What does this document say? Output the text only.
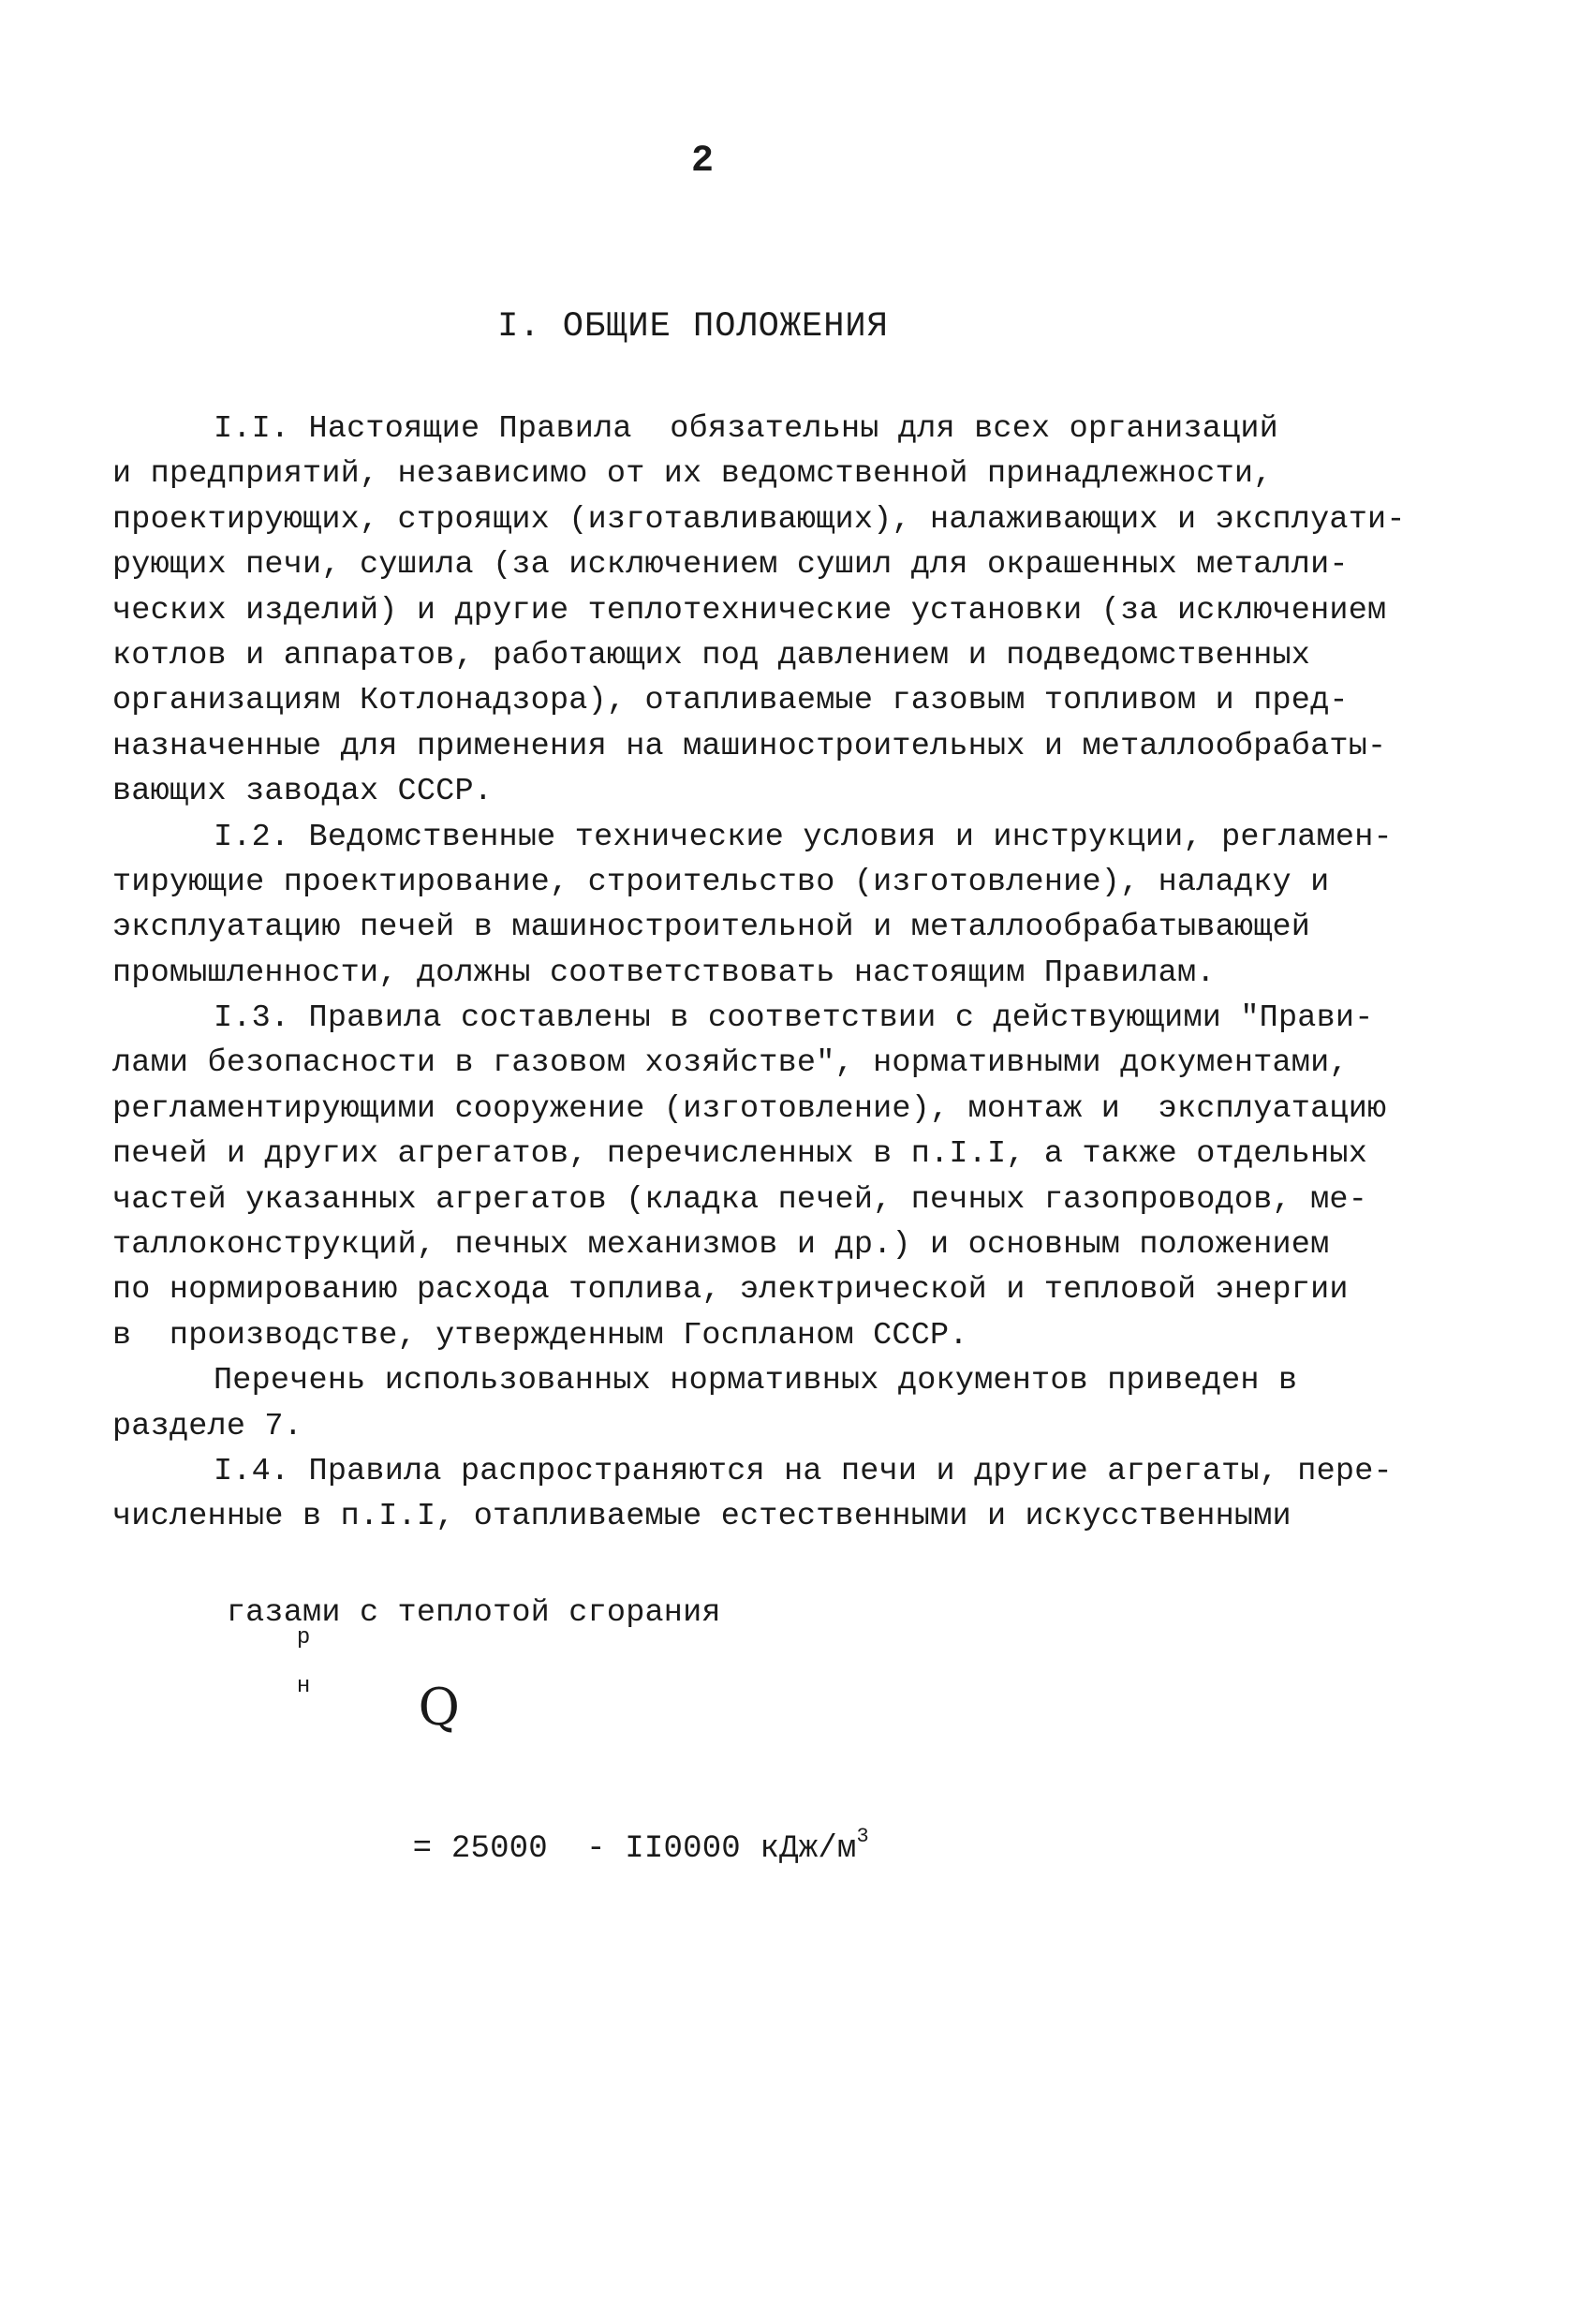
2
I. ОБЩИЕ ПОЛОЖЕНИЯ
I.I. Настоящие Правила  обязательны для всех организаций
и предприятий, независимо от их ведомственной принадлежности,
проектирующих, строящих (изготавливающих), налаживающих и эксплуати-
рующих печи, сушила (за исключением сушил для окрашенных металли-
ческих изделий) и другие теплотехнические установки (за исключением
котлов и аппаратов, работающих под давлением и подведомственных
организациям Котлонадзора), отапливаемые газовым топливом и пред-
назначенные для применения на машиностроительных и металлообрабаты-
вающих заводах СССР.
I.2. Ведомственные технические условия и инструкции, регламен-
тирующие проектирование, строительство (изготовление), наладку и
эксплуатацию печей в машиностроительной и металлообрабатывающей
промышленности, должны соответствовать настоящим Правилам.
I.3. Правила составлены в соответствии с действующими "Прави-
лами безопасности в газовом хозяйстве", нормативными документами,
регламентирующими сооружение (изготовление), монтаж и  эксплуатацию
печей и других агрегатов, перечисленных в п.I.I, а также отдельных
частей указанных агрегатов (кладка печей, печных газопроводов, ме-
таллоконструкций, печных механизмов и др.) и основным положением
по нормированию расхода топлива, электрической и тепловой энергии
в  производстве, утвержденным Госпланом СССР.
Перечень использованных нормативных документов приведен в
разделе 7.
I.4. Правила распространяются на печи и другие агрегаты, пере-
численные в п.I.I, отапливаемые естественными и искусственными

газами с теплотой сгорания

Q

р

н

= 25000  - II0000 кДж/$м^3$
